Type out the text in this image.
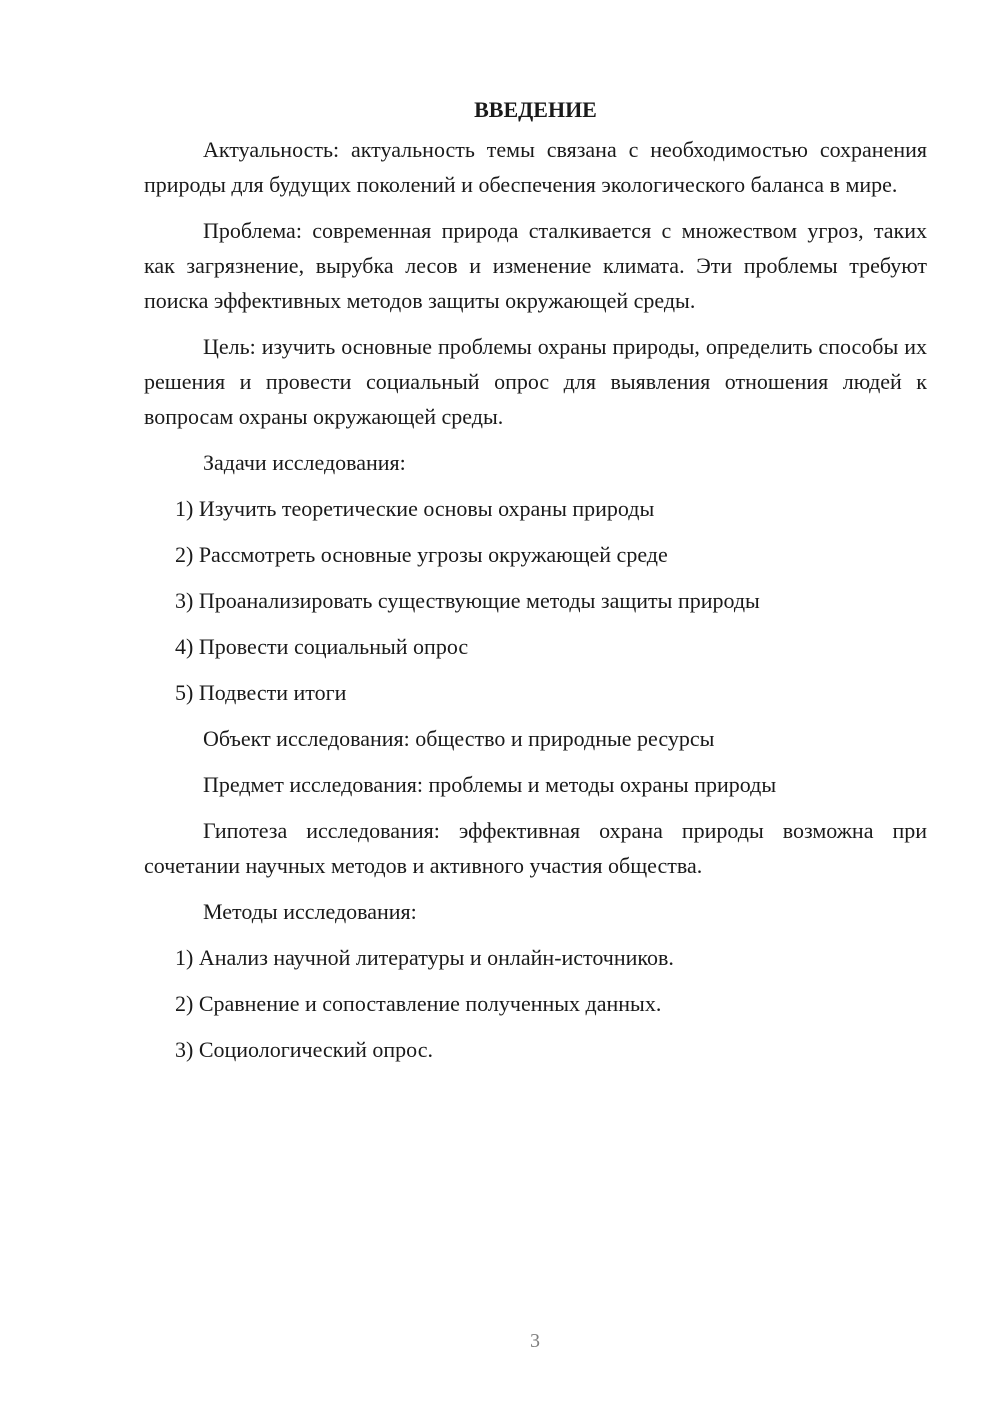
ВВЕДЕНИЕ

Актуальность: актуальность темы связана с необходимостью сохранения природы для будущих поколений и обеспечения экологического баланса в мире.

Проблема: современная природа сталкивается с множеством угроз, таких как загрязнение, вырубка лесов и изменение климата. Эти проблемы требуют поиска эффективных методов защиты окружающей среды.

Цель: изучить основные проблемы охраны природы, определить способы их решения и провести социальный опрос для выявления отношения людей к вопросам охраны окружающей среды.

Задачи исследования:
1) Изучить теоретические основы охраны природы
2) Рассмотреть основные угрозы окружающей среде
3) Проанализировать существующие методы защиты природы
4) Провести социальный опрос
5) Подвести итоги
Объект исследования: общество и природные ресурсы
Предмет исследования: проблемы и методы охраны природы

Гипотеза исследования: эффективная охрана природы возможна при сочетании научных методов и активного участия общества.

Методы исследования:
1) Анализ научной литературы и онлайн-источников.
2) Сравнение и сопоставление полученных данных.
3) Социологический опрос.
3
